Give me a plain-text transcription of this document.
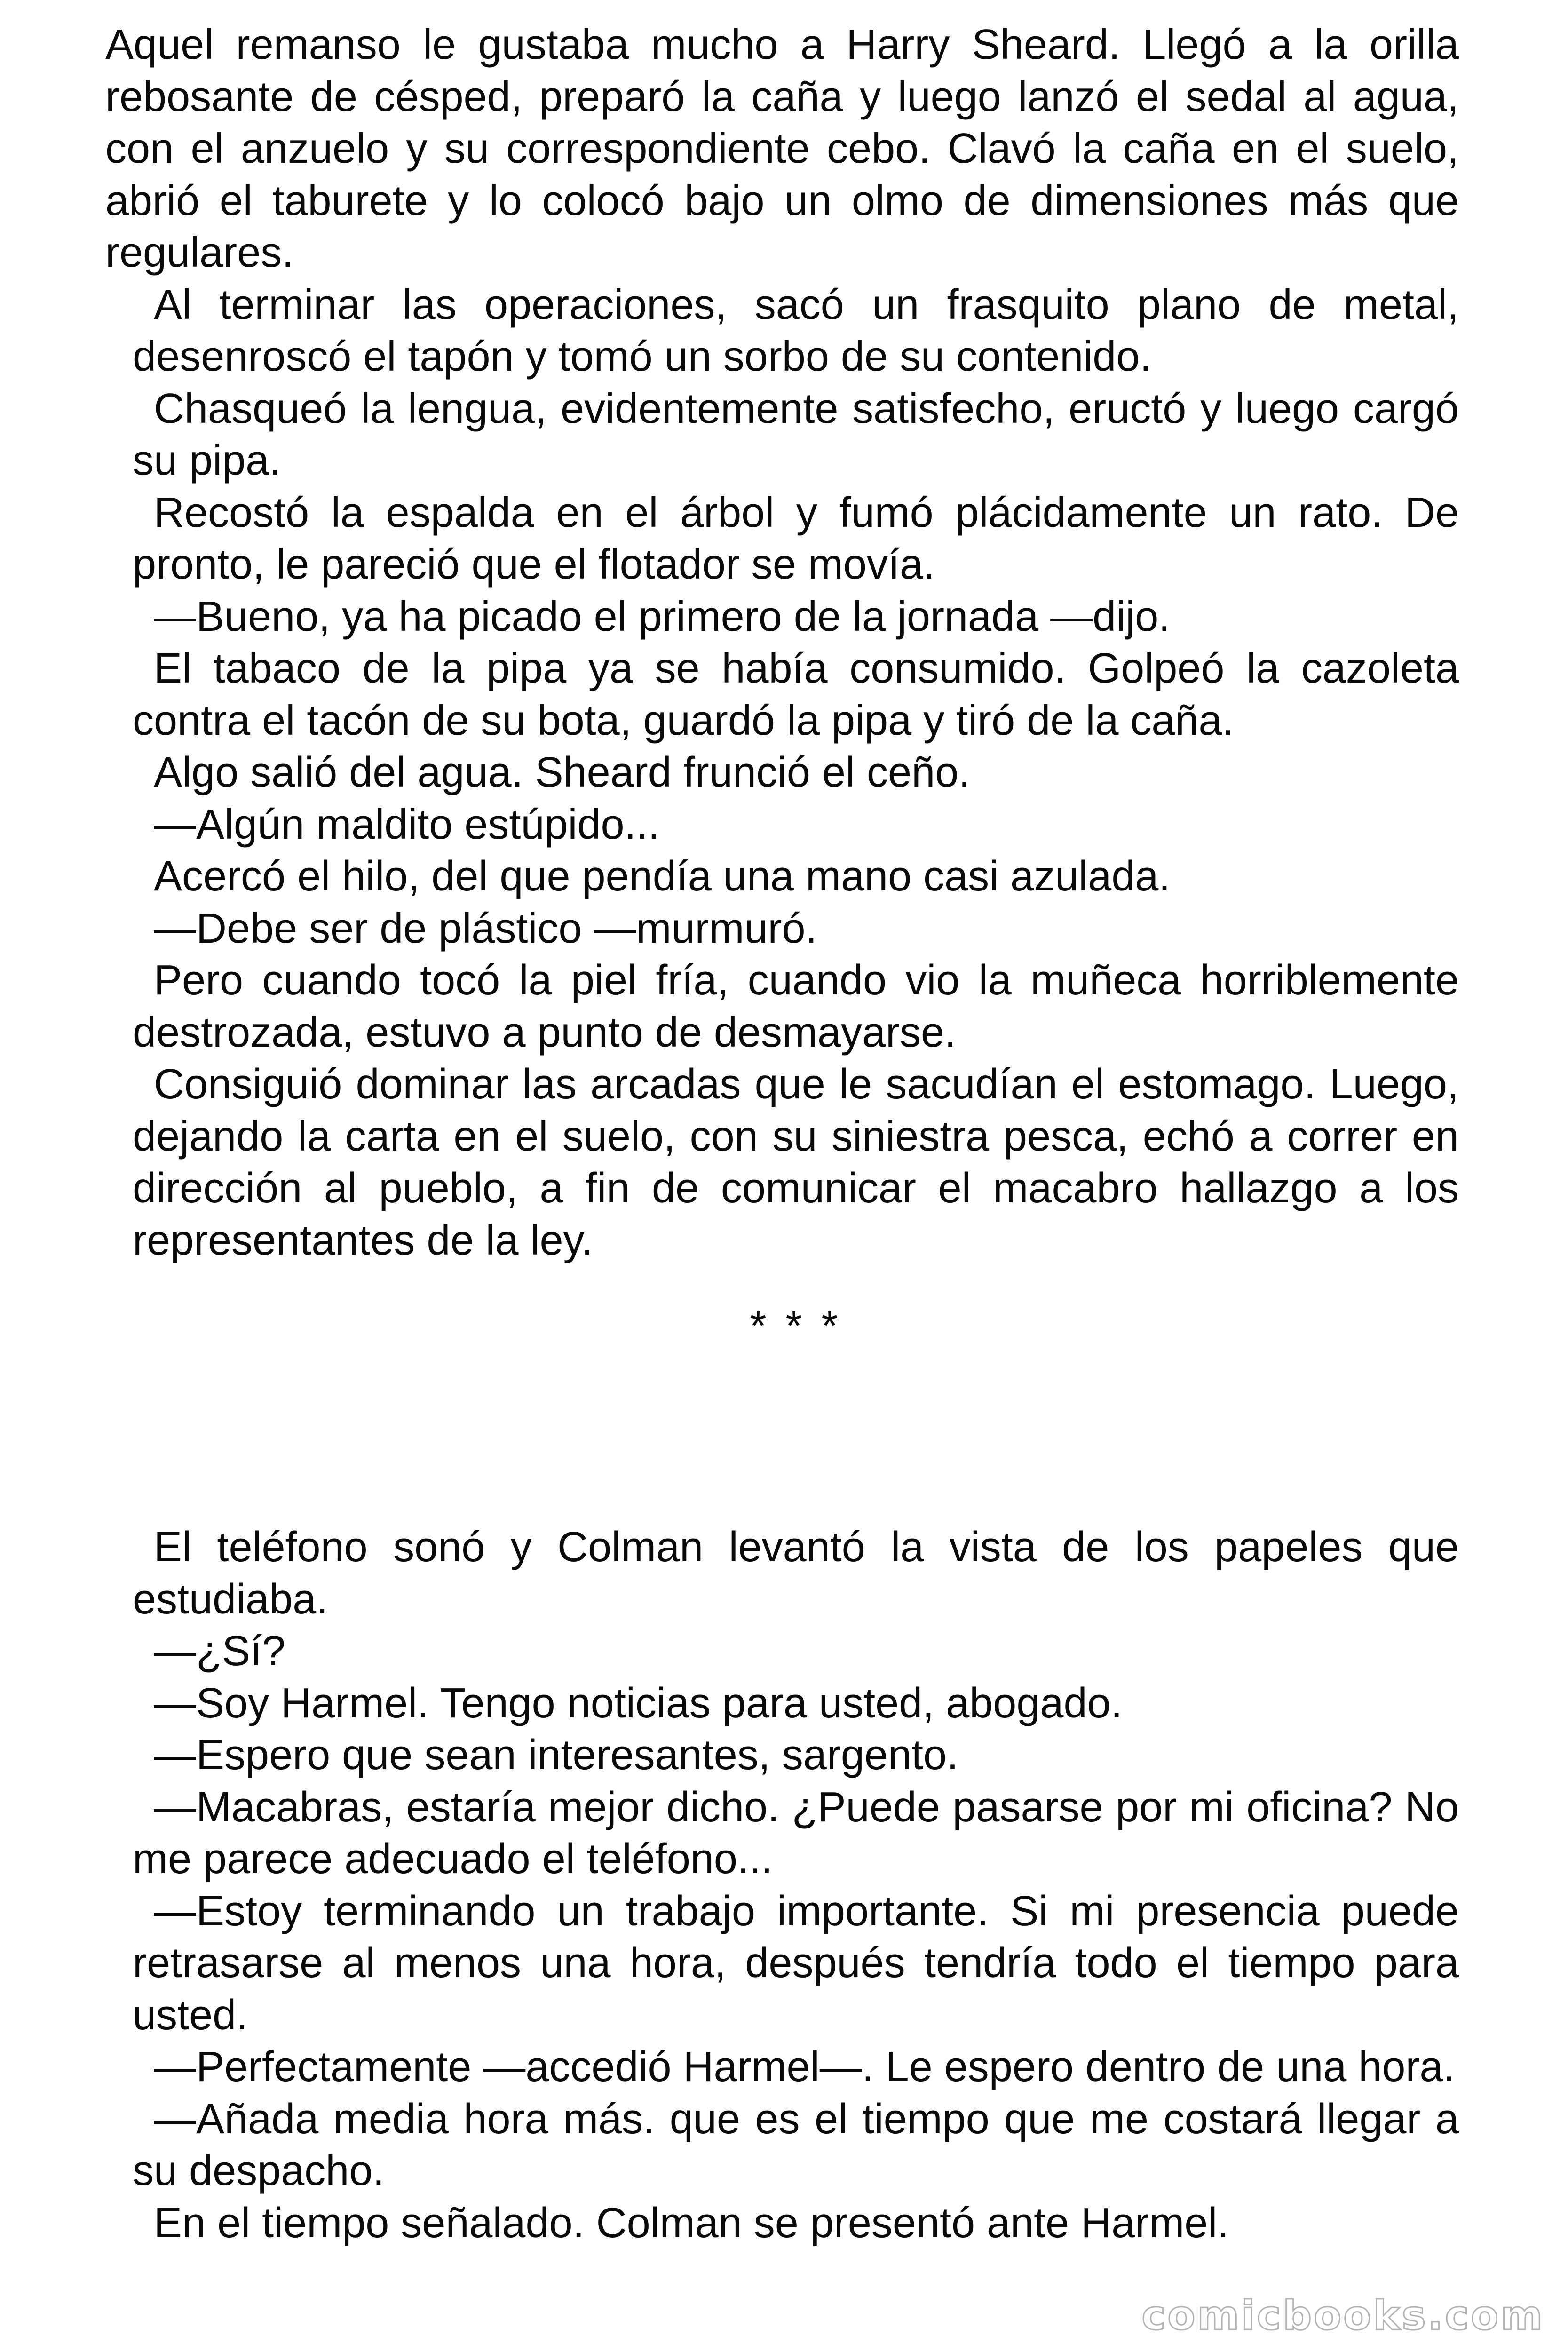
Aquel remanso le gustaba mucho a Harry Sheard. Llegó a la orilla rebosante de césped, preparó la caña y luego lanzó el sedal al agua, con el anzuelo y su correspondiente cebo. Clavó la caña en el suelo, abrió el taburete y lo colocó bajo un olmo de dimensiones más que regulares.

Al terminar las operaciones, sacó un frasquito plano de metal, desenroscó el tapón y tomó un sorbo de su contenido.

Chasqueó la lengua, evidentemente satisfecho, eructó y luego cargó su pipa.

Recostó la espalda en el árbol y fumó plácidamente un rato. De pronto, le pareció que el flotador se movía.

—Bueno, ya ha picado el primero de la jornada —dijo.

El tabaco de la pipa ya se había consumido. Golpeó la cazoleta contra el tacón de su bota, guardó la pipa y tiró de la caña.

Algo salió del agua. Sheard frunció el ceño.

—Algún maldito estúpido...

Acercó el hilo, del que pendía una mano casi azulada.

—Debe ser de plástico —murmuró.

Pero cuando tocó la piel fría, cuando vio la muñeca horriblemente destrozada, estuvo a punto de desmayarse.

Consiguió dominar las arcadas que le sacudían el estomago. Luego, dejando la carta en el suelo, con su siniestra pesca, echó a correr en dirección al pueblo, a fin de comunicar el macabro hallazgo a los representantes de la ley.

* * *

El teléfono sonó y Colman levantó la vista de los papeles que estudiaba.

—¿Sí?

—Soy Harmel. Tengo noticias para usted, abogado.

—Espero que sean interesantes, sargento.

—Macabras, estaría mejor dicho. ¿Puede pasarse por mi oficina? No me parece adecuado el teléfono...

—Estoy terminando un trabajo importante. Si mi presencia puede retrasarse al menos una hora, después tendría todo el tiempo para usted.

—Perfectamente —accedió Harmel—. Le espero dentro de una hora.

—Añada media hora más. que es el tiempo que me costará llegar a su despacho.

En el tiempo señalado. Colman se presentó ante Harmel.

comicbooks.com
